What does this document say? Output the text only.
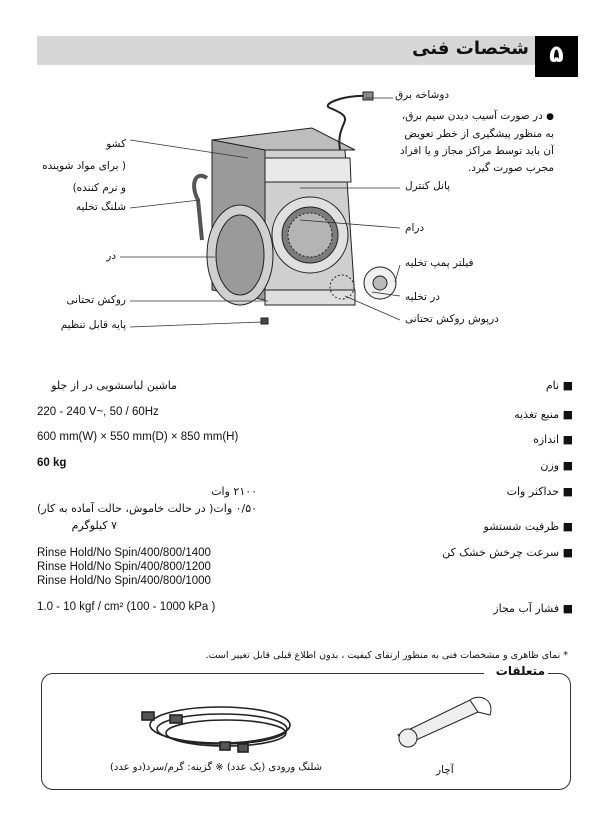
۵
شخصات فنی
دوشاخه برق
● در صورت آسیب دیدن سیم برق،
به منظور پیشگیری از خطر تعویض
آن باید توسط مراکز مجاز و یا افراد
مجرب صورت گیرد.
پانل کنترل
درام
فیلتر پمپ تخلیه
در تخلیه
درپوش روکش تحتانی
کشو
( برای مواد شوینده
و نرم کننده)
شلنگ تخلیه
در
روکش تحتانی
پایه قابل تنظیم
■ نام
ماشین لباسشویی در از جلو
■ منبع تغذیه
220 - 240 V~, 50 / 60Hz
■ اندازه
600 mm(W) × 550 mm(D) × 850 mm(H)
■ وزن
60 kg
■ حداکثر وات
۲۱۰۰ وات
۰/۵۰ وات( در حالت خاموش، حالت آماده به کار)
■ ظرفیت شستشو
۷ کیلوگرم
■ سرعت چرخش خشک کن
Rinse Hold/No Spin/400/800/1400
Rinse Hold/No Spin/400/800/1200
Rinse Hold/No Spin/400/800/1000
■ فشار آب مجاز
1.0 - 10 kgf / cm² (100 - 1000 kPa )
* نمای ظاهری و مشخصات فنی به منظور ارتقای کیفیت ، بدون اطلاع قبلی قابل تغییر است.
متعلقات
آچار
شلنگ ورودی (یک عدد) ※ گزینه: گرم/سرد(دو عدد)
